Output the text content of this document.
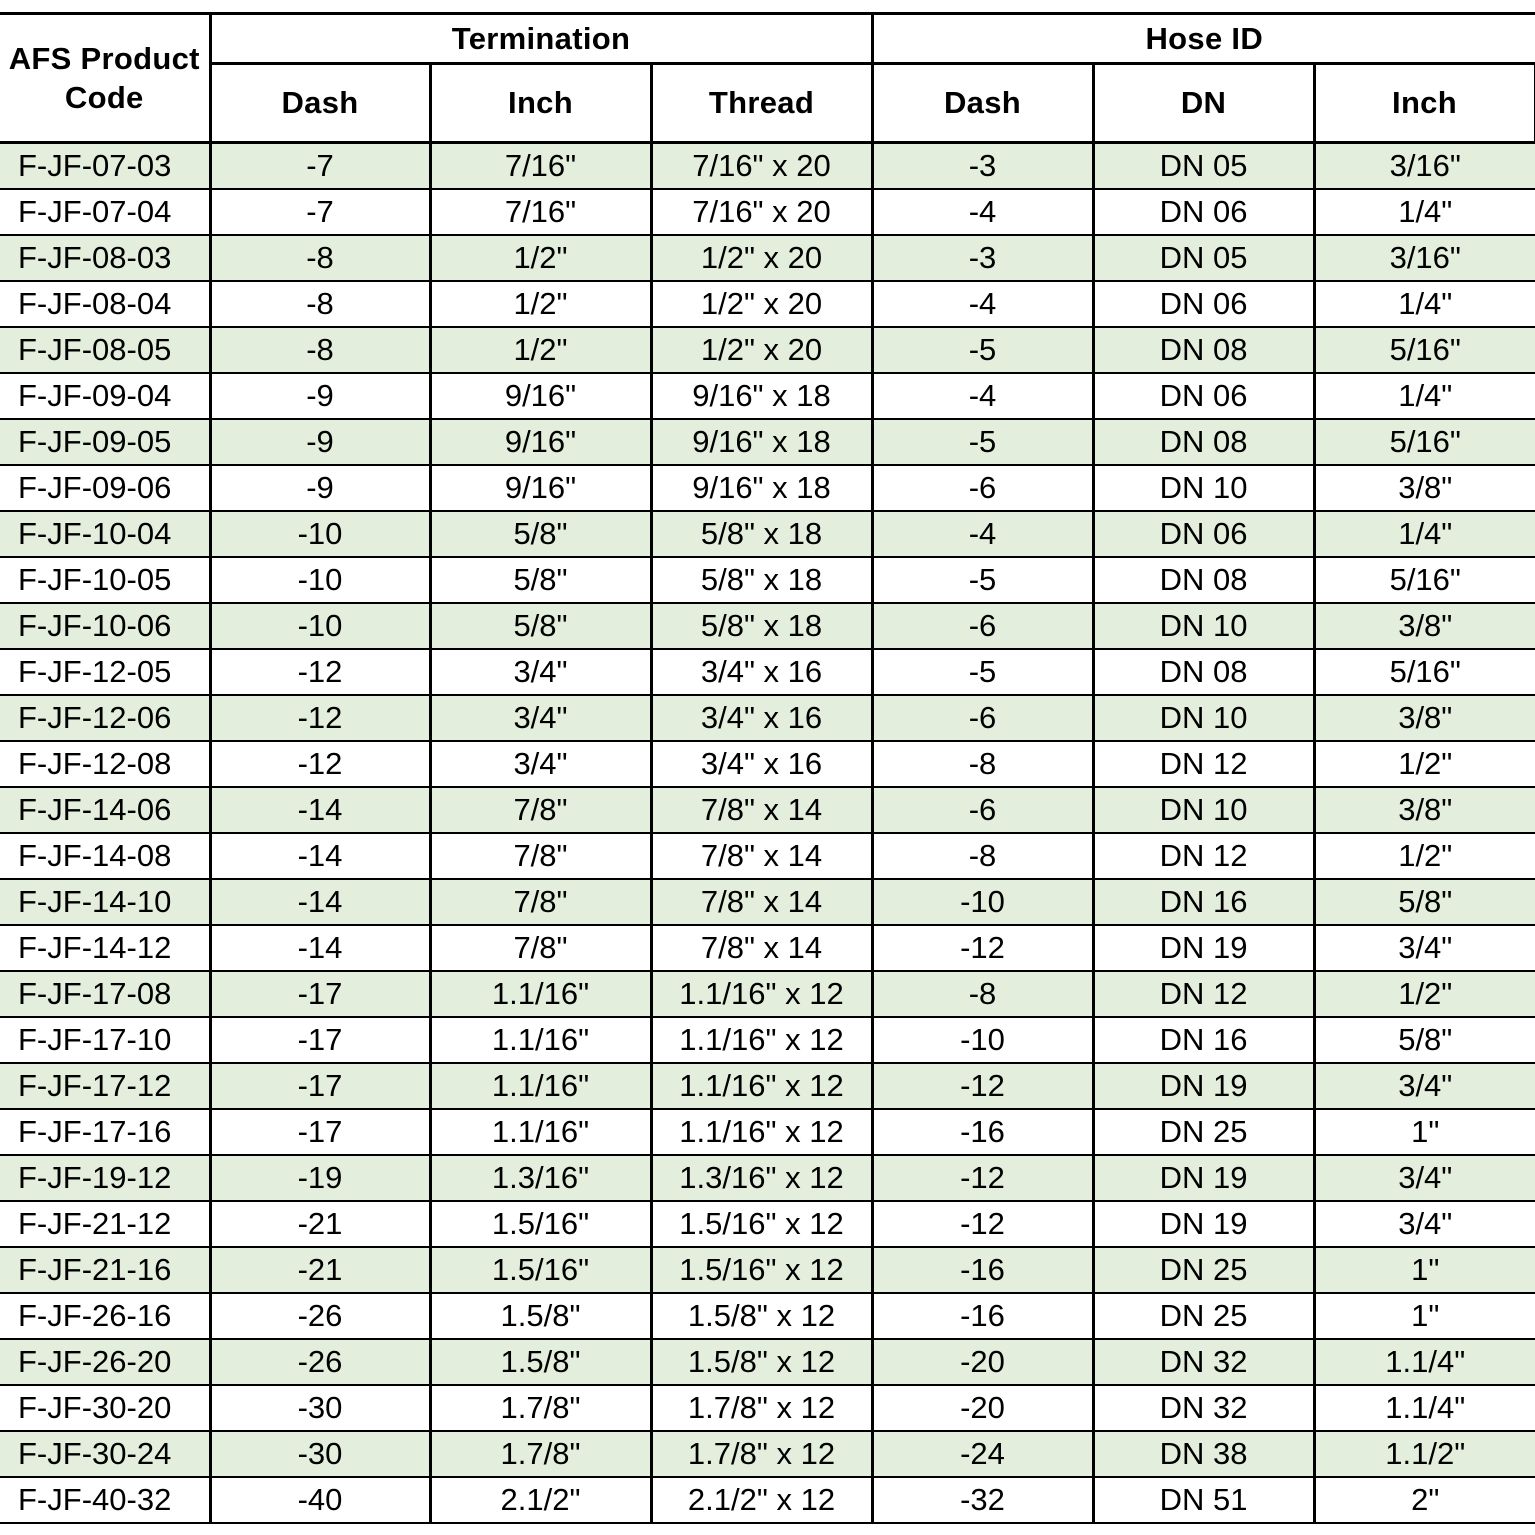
AFS Product
Code	Termination			Hose ID		
	Dash	Inch	Thread	Dash	DN	Inch
F-JF-07-03	-7	7/16"	7/16" x 20	-3	DN 05	3/16"
F-JF-07-04	-7	7/16"	7/16" x 20	-4	DN 06	1/4"
F-JF-08-03	-8	1/2"	1/2" x 20	-3	DN 05	3/16"
F-JF-08-04	-8	1/2"	1/2" x 20	-4	DN 06	1/4"
F-JF-08-05	-8	1/2"	1/2" x 20	-5	DN 08	5/16"
F-JF-09-04	-9	9/16"	9/16" x 18	-4	DN 06	1/4"
F-JF-09-05	-9	9/16"	9/16" x 18	-5	DN 08	5/16"
F-JF-09-06	-9	9/16"	9/16" x 18	-6	DN 10	3/8"
F-JF-10-04	-10	5/8"	5/8" x 18	-4	DN 06	1/4"
F-JF-10-05	-10	5/8"	5/8" x 18	-5	DN 08	5/16"
F-JF-10-06	-10	5/8"	5/8" x 18	-6	DN 10	3/8"
F-JF-12-05	-12	3/4"	3/4" x 16	-5	DN 08	5/16"
F-JF-12-06	-12	3/4"	3/4" x 16	-6	DN 10	3/8"
F-JF-12-08	-12	3/4"	3/4" x 16	-8	DN 12	1/2"
F-JF-14-06	-14	7/8"	7/8" x 14	-6	DN 10	3/8"
F-JF-14-08	-14	7/8"	7/8" x 14	-8	DN 12	1/2"
F-JF-14-10	-14	7/8"	7/8" x 14	-10	DN 16	5/8"
F-JF-14-12	-14	7/8"	7/8" x 14	-12	DN 19	3/4"
F-JF-17-08	-17	1.1/16"	1.1/16" x 12	-8	DN 12	1/2"
F-JF-17-10	-17	1.1/16"	1.1/16" x 12	-10	DN 16	5/8"
F-JF-17-12	-17	1.1/16"	1.1/16" x 12	-12	DN 19	3/4"
F-JF-17-16	-17	1.1/16"	1.1/16" x 12	-16	DN 25	1"
F-JF-19-12	-19	1.3/16"	1.3/16" x 12	-12	DN 19	3/4"
F-JF-21-12	-21	1.5/16"	1.5/16" x 12	-12	DN 19	3/4"
F-JF-21-16	-21	1.5/16"	1.5/16" x 12	-16	DN 25	1"
F-JF-26-16	-26	1.5/8"	1.5/8" x 12	-16	DN 25	1"
F-JF-26-20	-26	1.5/8"	1.5/8" x 12	-20	DN 32	1.1/4"
F-JF-30-20	-30	1.7/8"	1.7/8" x 12	-20	DN 32	1.1/4"
F-JF-30-24	-30	1.7/8"	1.7/8" x 12	-24	DN 38	1.1/2"
F-JF-40-32	-40	2.1/2"	2.1/2" x 12	-32	DN 51	2"
